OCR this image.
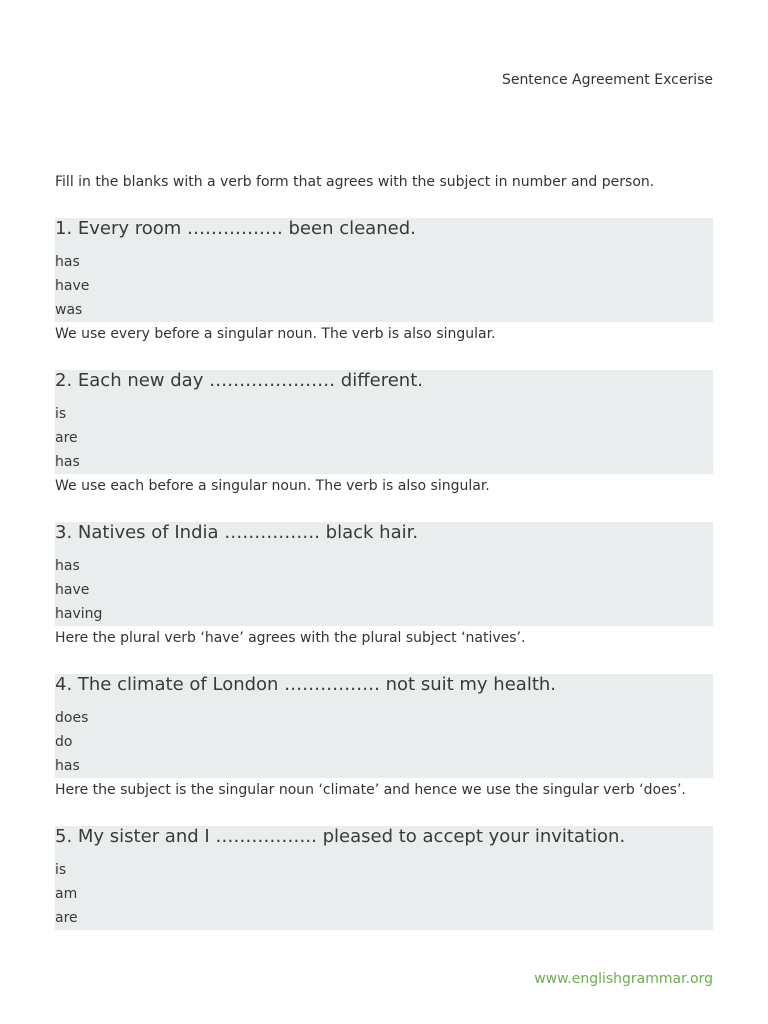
Sentence Agreement Excerise
Fill in the blanks with a verb form that agrees with the subject in number and person.
1. Every room ……………. been cleaned.
has
have
was
We use every before a singular noun. The verb is also singular.
2. Each new day ………………… different.
is
are
has
We use each before a singular noun. The verb is also singular.
3. Natives of India ……………. black hair.
has
have
having
Here the plural verb ‘have’ agrees with the plural subject ‘natives’.
4. The climate of London ……………. not suit my health.
does
do
has
Here the subject is the singular noun ‘climate’ and hence we use the singular verb ‘does’.
5. My sister and I …………….. pleased to accept your invitation.
is
am
are
www.englishgrammar.org
